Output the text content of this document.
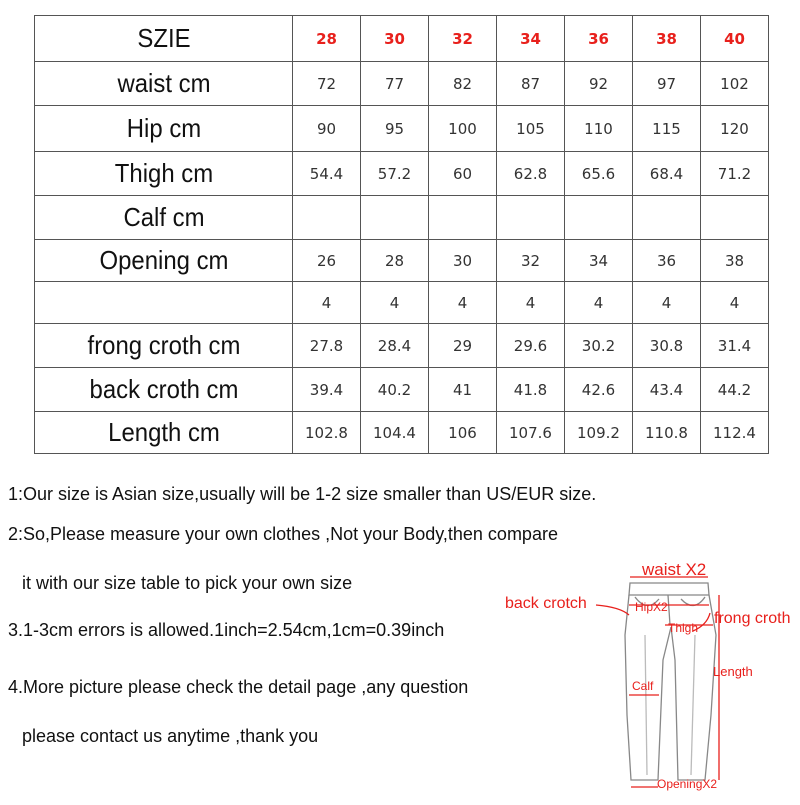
SZIE	28	30	32	34	36	38	40
waist cm	72	77	82	87	92	97	102
Hip cm	90	95	100	105	110	115	120
Thigh cm	54.4	57.2	60	62.8	65.6	68.4	71.2
Calf cm							
Opening cm	26	28	30	32	34	36	38
	4	4	4	4	4	4	4
frong croth cm	27.8	28.4	29	29.6	30.2	30.8	31.4
back croth cm	39.4	40.2	41	41.8	42.6	43.4	44.2
Length cm	102.8	104.4	106	107.6	109.2	110.8	112.4
1:Our size is Asian size,usually will be 1-2 size smaller than US/EUR size.
2:So,Please measure your own clothes ,Not your Body,then compare
it with our size table to pick your own size
3.1-3cm errors is allowed.1inch=2.54cm,1cm=0.39inch
4.More picture please check the detail page ,any question
please contact us anytime ,thank you
waist X2
back crotch	HipX2
Thigh
frong croth
Length
Calf
OpeningX2
